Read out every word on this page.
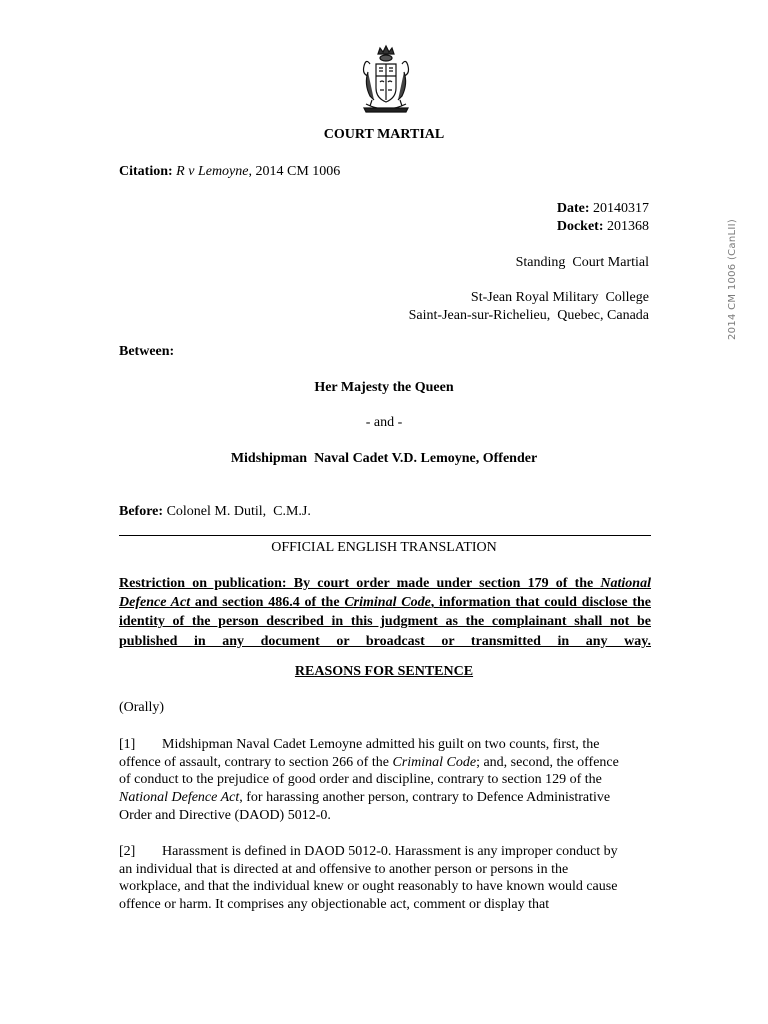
COURT MARTIAL
Citation: R v Lemoyne, 2014 CM 1006
Date: 20140317
Docket: 201368
Standing  Court Martial
St-Jean Royal Military  College
Saint-Jean-sur-Richelieu,  Quebec, Canada	2014 CM 1006 (CanLII)
Between:
Her Majesty the Queen
- and -
Midshipman  Naval Cadet V.D. Lemoyne, Offender
Before: Colonel M. Dutil,  C.M.J.
OFFICIAL ENGLISH TRANSLATION
Restriction on publication: By court order made under section 179 of the National Defence Act and section 486.4 of the Criminal Code, information that could disclose the identity of the person described in this judgment as the complainant shall not be published in any document or broadcast or transmitted in any way.
REASONS FOR SENTENCE
(Orally)
[1] Midshipman Naval Cadet Lemoyne admitted his guilt on two counts, first, the offence of assault, contrary to section 266 of the Criminal Code; and, second, the offence of conduct to the prejudice of good order and discipline, contrary to section 129 of the National Defence Act, for harassing another person, contrary to Defence Administrative Order and Directive (DAOD) 5012-0.
[2] Harassment is defined in DAOD 5012-0. Harassment is any improper conduct by an individual that is directed at and offensive to another person or persons in the workplace, and that the individual knew or ought reasonably to have known would cause offence or harm. It comprises any objectionable act, comment or display that
